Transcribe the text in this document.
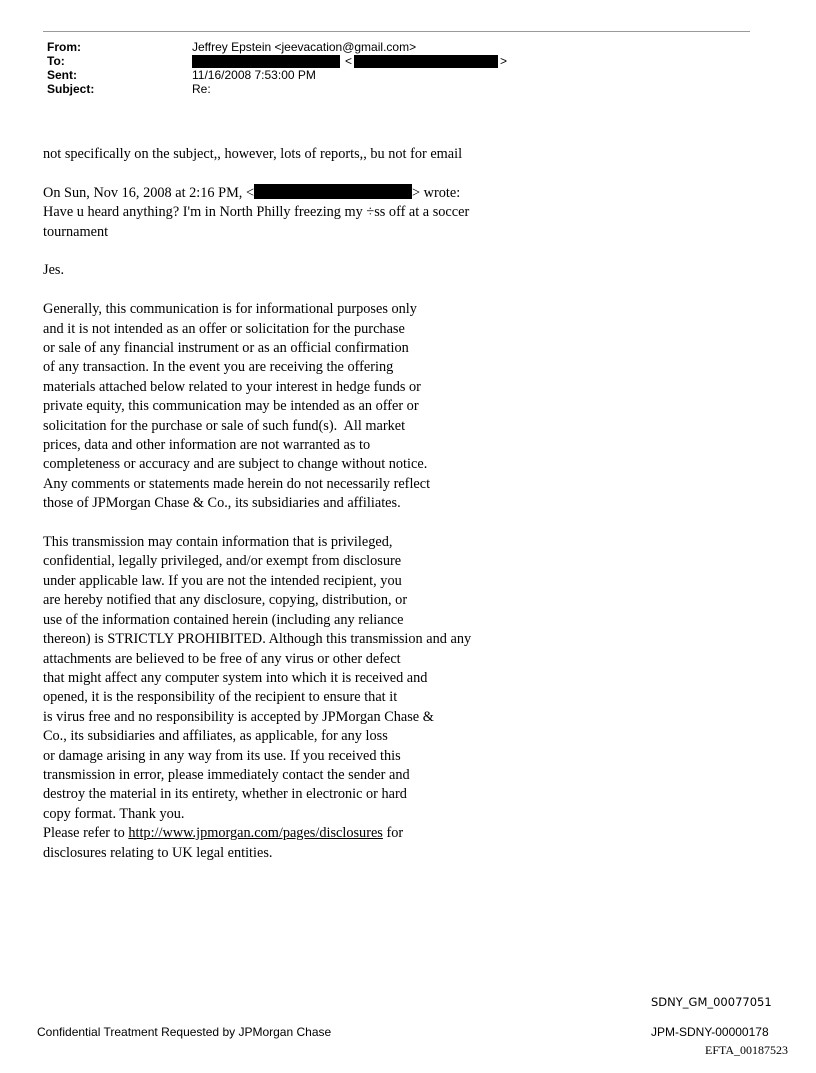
From:	Jeffrey Epstein <jeevacation@gmail.com>
To:	<	>
Sent:	11/16/2008 7:53:00 PM
Subject:	Re:

not specifically on the subject,, however, lots of reports,, bu not for email

On Sun, Nov 16, 2008 at 2:16 PM, <	> wrote:

Have u heard anything? I'm in North Philly freezing my ÷ss off at a soccer

tournament

Jes.

Generally, this communication is for informational purposes only

and it is not intended as an offer or solicitation for the purchase

or sale of any financial instrument or as an official confirmation

of any transaction. In the event you are receiving the offering

materials attached below related to your interest in hedge funds or

private equity, this communication may be intended as an offer or

solicitation for the purchase or sale of such fund(s).  All market

prices, data and other information are not warranted as to

completeness or accuracy and are subject to change without notice.

Any comments or statements made herein do not necessarily reflect

those of JPMorgan Chase & Co., its subsidiaries and affiliates.

This transmission may contain information that is privileged,

confidential, legally privileged, and/or exempt from disclosure

under applicable law. If you are not the intended recipient, you

are hereby notified that any disclosure, copying, distribution, or

use of the information contained herein (including any reliance

thereon) is STRICTLY PROHIBITED. Although this transmission and any

attachments are believed to be free of any virus or other defect

that might affect any computer system into which it is received and

opened, it is the responsibility of the recipient to ensure that it

is virus free and no responsibility is accepted by JPMorgan Chase &

Co., its subsidiaries and affiliates, as applicable, for any loss

or damage arising in any way from its use. If you received this

transmission in error, please immediately contact the sender and

destroy the material in its entirety, whether in electronic or hard

copy format. Thank you.

Please refer to http://www.jpmorgan.com/pages/disclosures for

disclosures relating to UK legal entities.

SDNY_GM_00077051
Confidential Treatment Requested by JPMorgan Chase	JPM-SDNY-00000178
EFTA_00187523
